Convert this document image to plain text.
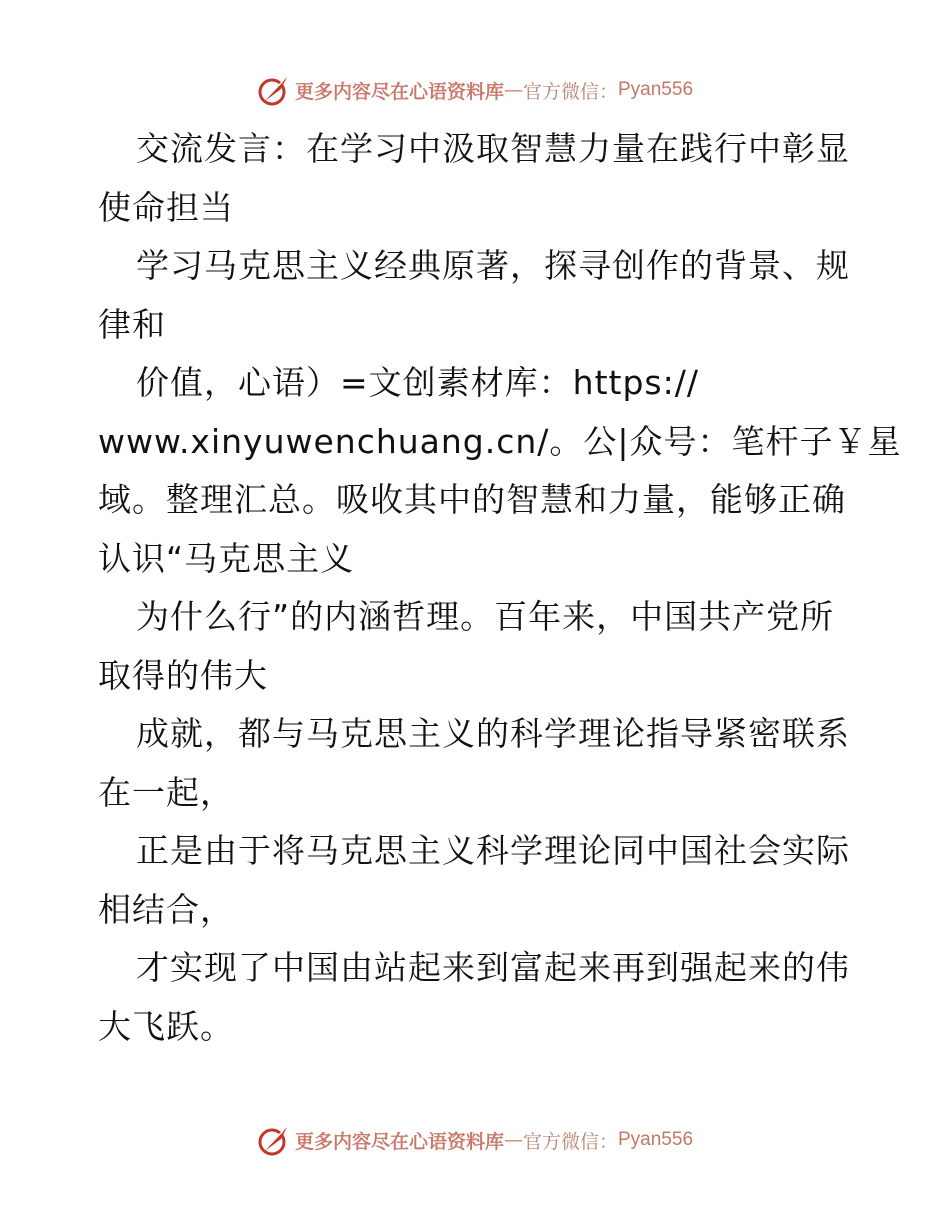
更多内容尽在心语资料库 — 官方微信： Pyan556
交流发言：在学习中汲取智慧力量在践行中彰显
使命担当
学习马克思主义经典原著，探寻创作的背景、规
律和
价值，心语）=文创素材库：https://
www.xinyuwenchuang.cn/。公|众号：笔杆子￥星
域。整理汇总。吸收其中的智慧和力量，能够正确
认识“马克思主义
为什么行”的内涵哲理。百年来，中国共产党所
取得的伟大
成就，都与马克思主义的科学理论指导紧密联系
在一起，
正是由于将马克思主义科学理论同中国社会实际
相结合，
才实现了中国由站起来到富起来再到强起来的伟
大飞跃。
更多内容尽在心语资料库 — 官方微信： Pyan556
